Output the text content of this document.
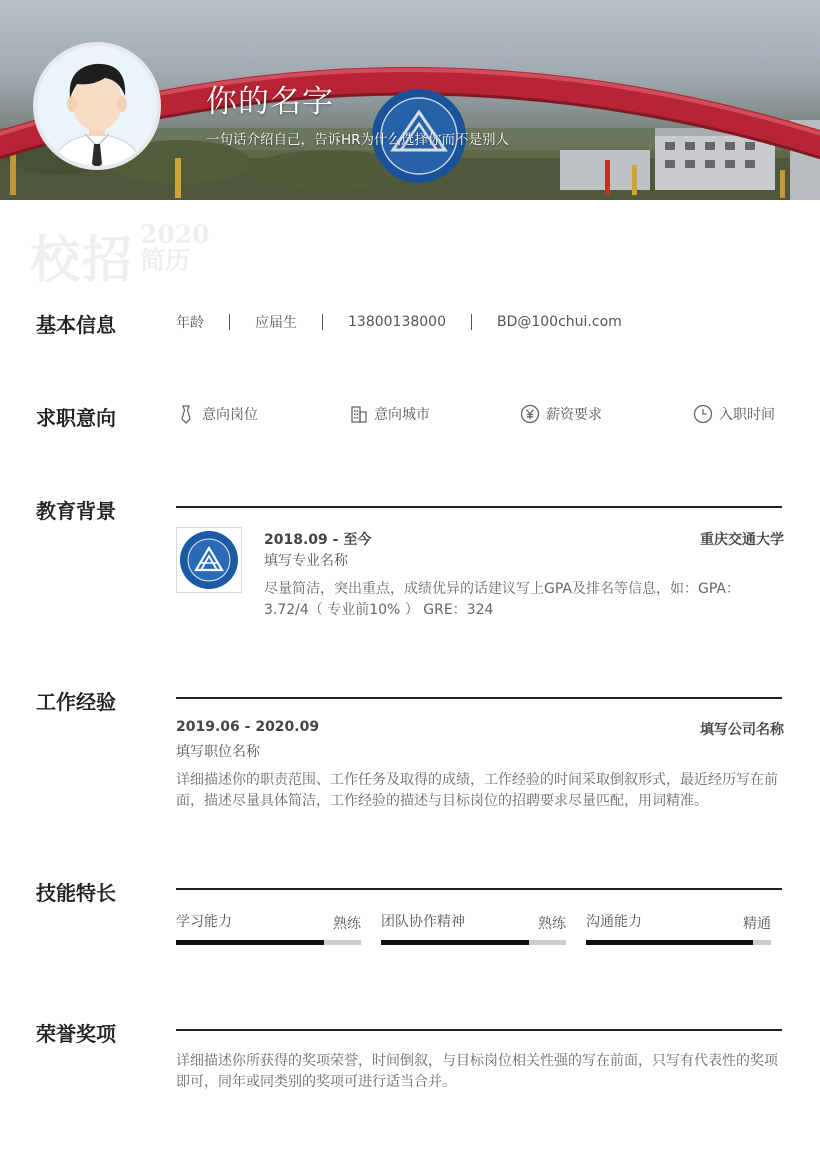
你的名字
一句话介绍自己，告诉HR为什么选择你而不是别人
校招 2020
简历
基本信息	年龄	应届生	13800138000	BD@100chui.com
求职意向	意向岗位	意向城市	薪资要求	入职时间
教育背景
2018.09 - 至今	重庆交通大学
填写专业名称
尽量简洁，突出重点，成绩优异的话建议写上GPA及排名等信息，如：GPA：3.72/4（ 专业前10% ） GRE：324
工作经验
2019.06 - 2020.09	填写公司名称
填写职位名称
详细描述你的职责范围、工作任务及取得的成绩，工作经验的时间采取倒叙形式，最近经历写在前面，描述尽量具体简洁，工作经验的描述与目标岗位的招聘要求尽量匹配，用词精准。
技能特长
学习能力	熟练 团队协作精神	熟练 沟通能力	精通
荣誉奖项
详细描述你所获得的奖项荣誉，时间倒叙，与目标岗位相关性强的写在前面，只写有代表性的奖项即可，同年或同类别的奖项可进行适当合并。
